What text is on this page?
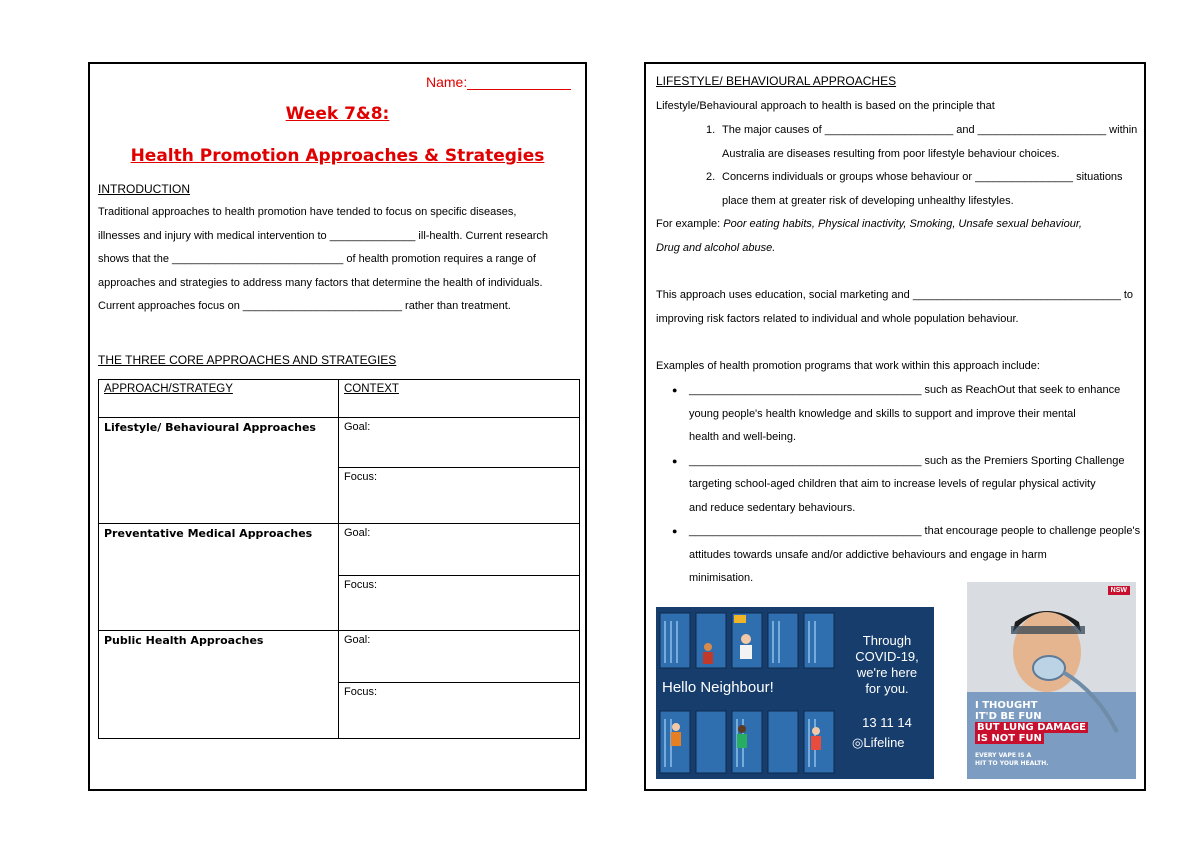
Name:
Week 7&8:
Health Promotion Approaches & Strategies
INTRODUCTION
Traditional approaches to health promotion have tended to focus on specific diseases,
illnesses and injury with medical intervention to ______________ ill-health. Current research
shows that the ____________________________ of health promotion requires a range of
approaches and strategies to address many factors that determine the health of individuals.
Current approaches focus on __________________________ rather than treatment.
THE THREE CORE APPROACHES AND STRATEGIES
APPROACH/STRATEGY	CONTEXT
Lifestyle/ Behavioural Approaches	Goal:
	Focus:
Preventative Medical Approaches	Goal:
	Focus:
Public Health Approaches	Goal:
	Focus:
LIFESTYLE/ BEHAVIOURAL APPROACHES
Lifestyle/Behavioural approach to health is based on the principle that
1. The major causes of _____________________ and _____________________ within
Australia are diseases resulting from poor lifestyle behaviour choices.
2. Concerns individuals or groups whose behaviour or ________________ situations
place them at greater risk of developing unhealthy lifestyles.
For example: Poor eating habits, Physical inactivity, Smoking, Unsafe sexual behaviour,
Drug and alcohol abuse.
This approach uses education, social marketing and __________________________________ to
improving risk factors related to individual and whole population behaviour.
Examples of health promotion programs that work within this approach include:
● ______________________________________ such as ReachOut that seek to enhance
young people's health knowledge and skills to support and improve their mental
health and well-being.
● ______________________________________ such as the Premiers Sporting Challenge
targeting school-aged children that aim to increase levels of regular physical activity
and reduce sedentary behaviours.
● ______________________________________ that encourage people to challenge people's
attitudes towards unsafe and/or addictive behaviours and engage in harm
minimisation.
Hello Neighbour!
Through
COVID-19,
we're here
for you.
13 11 14
◎Lifeline
NSW
I THOUGHT
IT'D BE FUN
BUT LUNG DAMAGE
IS NOT FUN
EVERY VAPE IS A
HIT TO YOUR HEALTH.
